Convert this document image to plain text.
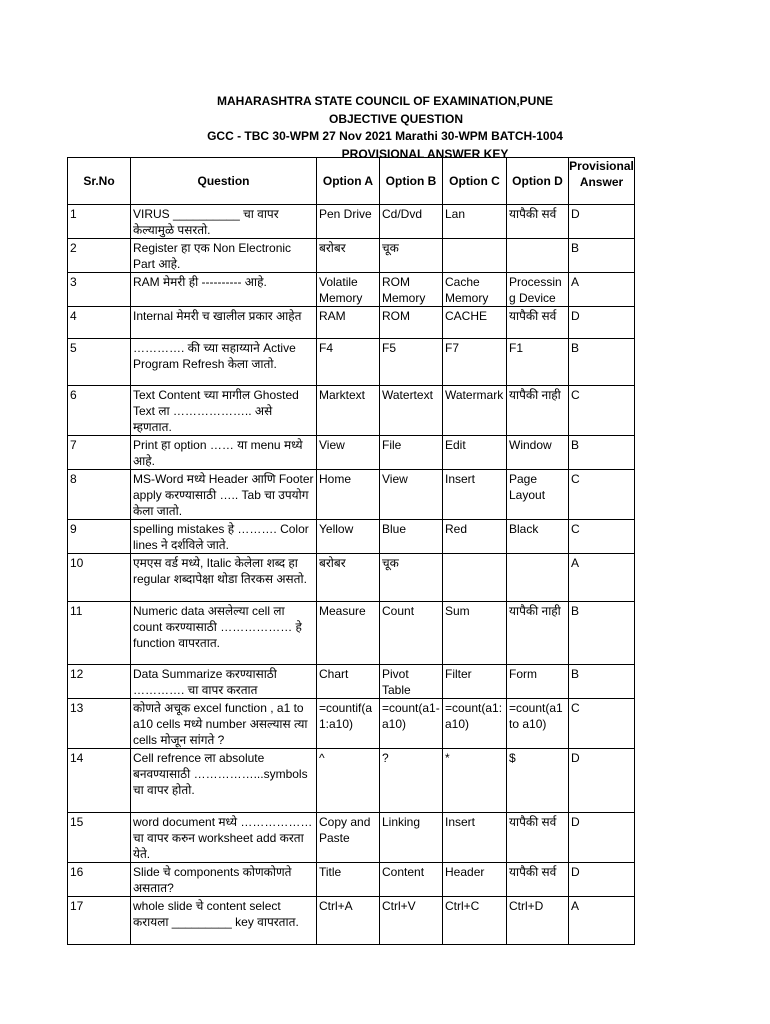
MAHARASHTRA STATE COUNCIL OF EXAMINATION,PUNE
OBJECTIVE QUESTION
GCC - TBC 30-WPM 27 Nov 2021 Marathi 30-WPM BATCH-1004
PROVISIONAL ANSWER KEY
Sr.No	Question	Option A	Option B	Option C	Option D	Provisional Answer
1	VIRUS __________ चा वापर केल्यामुळे पसरतो.	Pen Drive	Cd/Dvd	Lan	यापैकी सर्व	D
2	Register हा एक Non Electronic Part आहे.	बरोबर	चूक			B
3	RAM मेमरी ही ---------- आहे.	Volatile Memory	ROM Memory	Cache Memory	Processing Device	A
4	Internal मेमरी च खालील प्रकार आहेत	RAM	ROM	CACHE	यापैकी सर्व	D
5	…………. की च्या सहाय्याने Active Program Refresh केला जातो.	F4	F5	F7	F1	B
6	Text Content च्या मागील Ghosted Text ला ……………….. असे म्हणतात.	Marktext	Watertext	Watermark	यापैकी नाही	C
7	Print हा option …… या menu मध्ये आहे.	View	File	Edit	Window	B
8	MS-Word मध्ये Header आणि Footer apply करण्यासाठी ….. Tab चा उपयोग केला जातो.	Home	View	Insert	Page Layout	C
9	spelling mistakes हे ………. Color lines ने दर्शविले जाते.	Yellow	Blue	Red	Black	C
10	एमएस वर्ड मध्ये, Italic केलेला शब्द हा regular शब्दापेक्षा थोडा तिरकस असतो.	बरोबर	चूक			A
11	Numeric data असलेल्या cell ला count करण्यासाठी ……………… हे function वापरतात.	Measure	Count	Sum	यापैकी नाही	B
12	Data Summarize करण्यासाठी …………. चा वापर करतात	Chart	Pivot Table	Filter	Form	B
13	कोणते अचूक excel function , a1 to a10 cells मध्ये number असल्यास त्या cells मोजून सांगते ?	=countif(a1:a10)	=count(a1-a10)	=count(a1:a10)	=count(a1 to a10)	C
14	Cell refrence ला absolute बनवण्यासाठी ……………...symbols चा वापर होतो.	^	?	*	$	D
15	word document मध्ये ……………… चा वापर करुन worksheet add करता येते.	Copy and Paste	Linking	Insert	यापैकी सर्व	D
16	Slide चे components कोणकोणते असतात?	Title	Content	Header	यापैकी सर्व	D
17	whole slide चे content select करायला _________ key वापरतात.	Ctrl+A	Ctrl+V	Ctrl+C	Ctrl+D	A
